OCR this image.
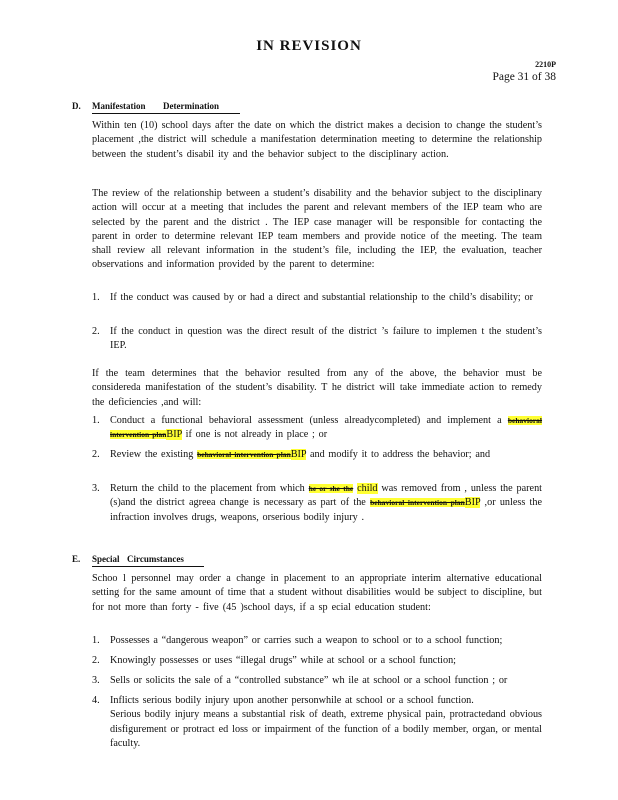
IN REVISION
2210P
Page 31 of 38
D. Manifestation Determination
Within ten (10) school days after the date on which the district makes a decision to change the student’s placement ,the district will schedule a manifestation determination meeting to determine the relationship between the student’s disabil ity and the behavior subject to the disciplinary action.
The review of the relationship between a student’s disability and the behavior subject to the disciplinary action will occur at a meeting that includes the parent and relevant members of the IEP team who are selected by the parent and the district . The IEP case manager will be responsible for contacting the parent in order to determine relevant IEP team members and provide notice of the meeting. The team shall review all relevant information in the student’s file, including the IEP, the evaluation, teacher observations and information provided by the parent to determine:
1. If the conduct was caused by or had a direct and substantial relationship to the child’s disability; or
2. If the conduct in question was the direct result of the district ’s failure to implemen t the student’s IEP.
If the team determines that the behavior resulted from any of the above, the behavior must be considereda manifestation of the student’s disability. T he district will take immediate action to remedy the deficiencies ,and will:
1. Conduct a functional behavioral assessment (unless alreadycompleted) and implement a behavioral intervention planBIP if one is not already in place ; or
2. Review the existing behavioral intervention planBIP and modify it to address the behavior; and
3. Return the child to the placement from which he or she the child was removed from , unless the parent (s)and the district agreea change is necessary as part of the behavioral intervention planBIP ,or unless the infraction involves drugs, weapons, orserious bodily injury .
E. Special Circumstances
Schoo l personnel may order a change in placement to an appropriate interim alternative educational setting for the same amount of time that a student without disabilities would be subject to discipline, but for not more than forty - five (45 )school days, if a sp ecial education student:
1. Possesses a “dangerous weapon” or carries such a weapon to school or to a school function;
2. Knowingly possesses or uses “illegal drugs” while at school or a school function;
3. Sells or solicits the sale of a “controlled substance” wh ile at school or a school function ; or
4. Inflicts serious bodily injury upon another personwhile at school or a school function.
Serious bodily injury means a substantial risk of death, extreme physical pain, protractedand obvious disfigurement or protract ed loss or impairment of the function of a bodily member, organ, or mental faculty.
